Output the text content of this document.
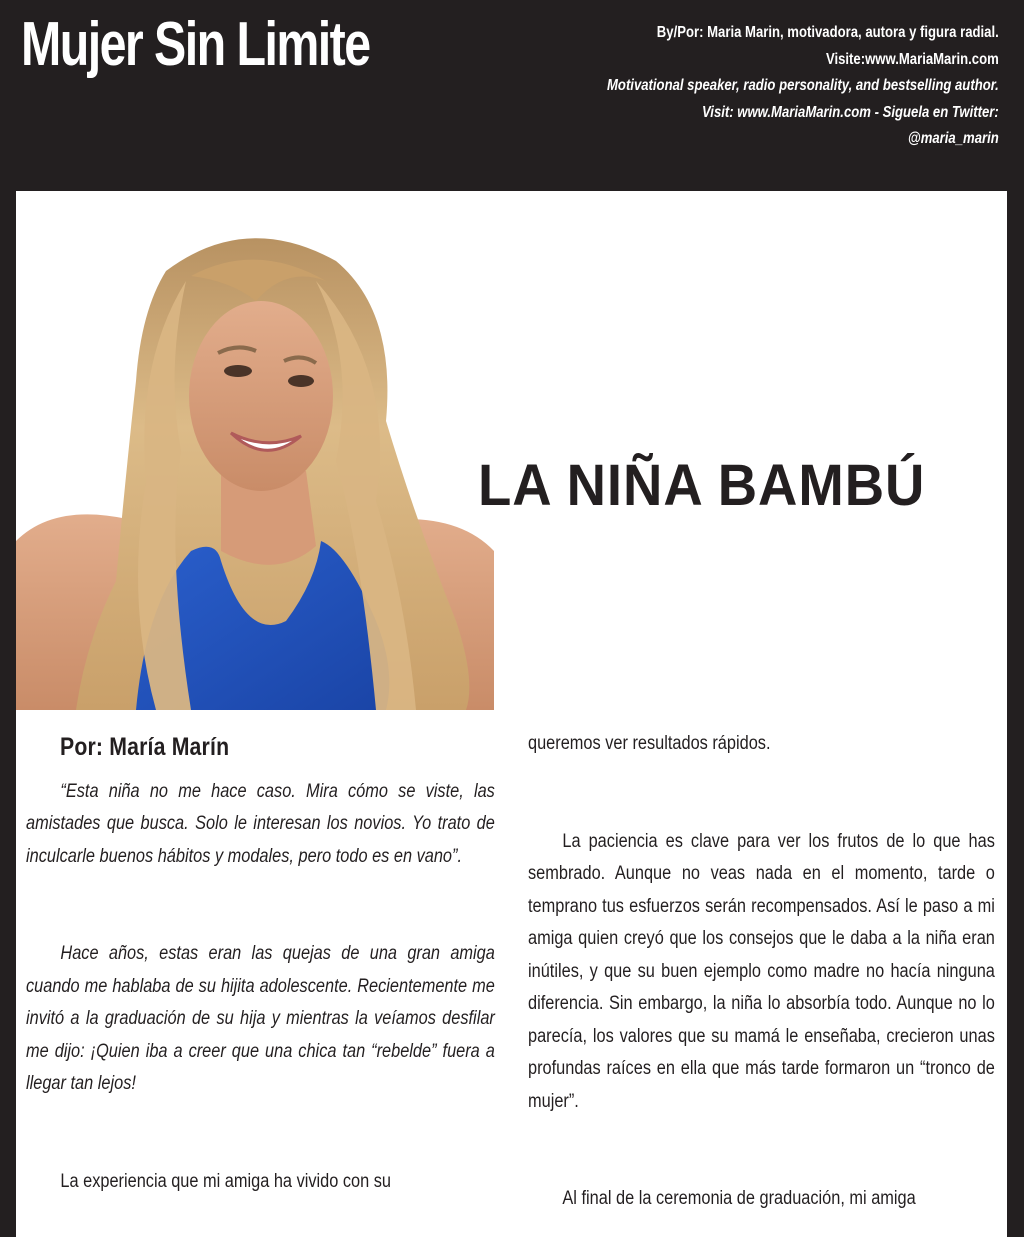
Mujer Sin Limite	By/Por: Maria Marin, motivadora, autora y figura radial.
Visite:www.MariaMarin.com
Motivational speaker, radio personality, and bestselling author.
Visit: www.MariaMarin.com - Siguela en Twitter:
@maria_marin
LA NIÑA BAMBÚ
Por: María Marín

“Esta niña no me hace caso. Mira cómo se viste, las amistades que busca. Solo le interesan los novios. Yo trato de inculcarle buenos hábitos y modales, pero todo es en vano”.

Hace años, estas eran las quejas de una gran amiga cuando me hablaba de su hijita adolescente. Recientemente me invitó a la graduación de su hija y mientras la veíamos desfilar me dijo: ¡Quien iba a creer que una chica tan “rebelde” fuera a llegar tan lejos!

La experiencia que mi amiga ha vivido con su

queremos ver resultados rápidos.

La paciencia es clave para ver los frutos de lo que has sembrado. Aunque no veas nada en el momento, tarde o temprano tus esfuerzos serán recompensados. Así le paso a mi amiga quien creyó que los consejos que le daba a la niña eran inútiles, y que su buen ejemplo como madre no hacía ninguna diferencia. Sin embargo, la niña lo absorbía todo. Aunque no lo parecía, los valores que su mamá le enseñaba, crecieron unas profundas raíces en ella que más tarde formaron un “tronco de mujer”.

Al final de la ceremonia de graduación, mi amiga
